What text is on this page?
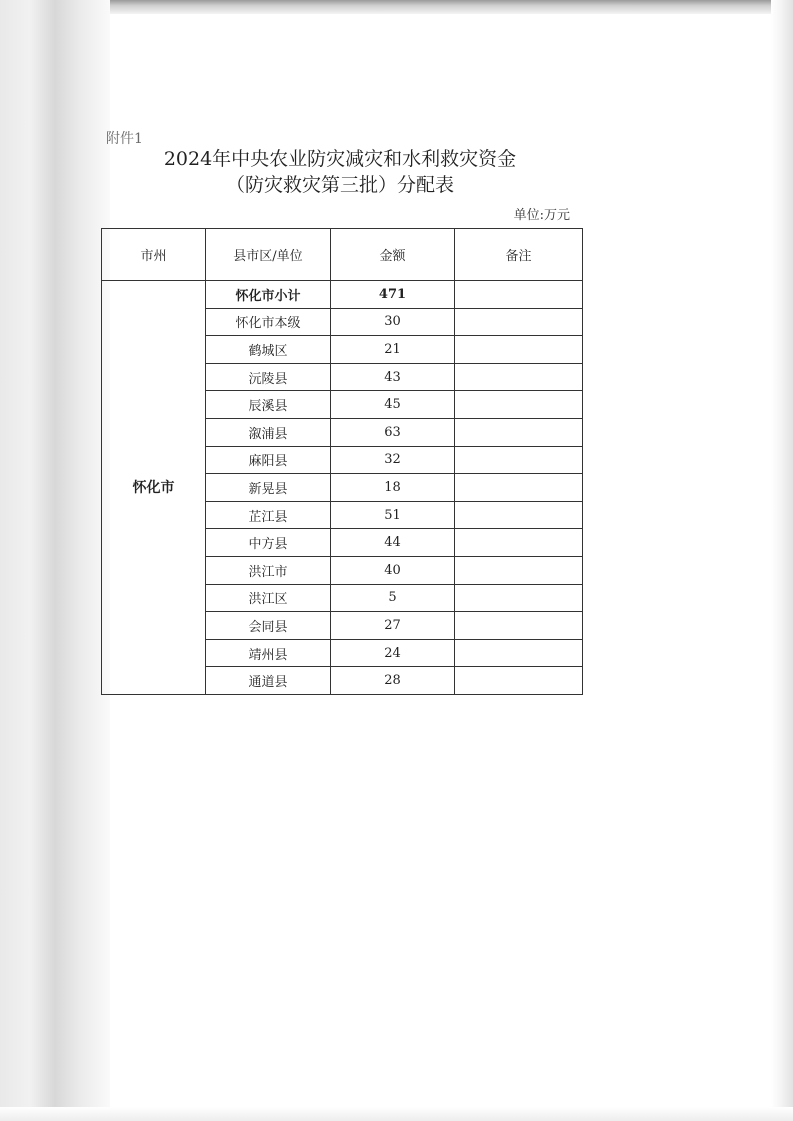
附件1
2024年中央农业防灾减灾和水利救灾资金
（防灾救灾第三批）分配表
单位:万元
市州	县市区/单位	金额	备注
怀化市	怀化市小计	471	
	怀化市本级	30	
	鹤城区	21	
	沅陵县	43	
	辰溪县	45	
	溆浦县	63	
	麻阳县	32	
	新晃县	18	
	芷江县	51	
	中方县	44	
	洪江市	40	
	洪江区	5	
	会同县	27	
	靖州县	24	
	通道县	28	
